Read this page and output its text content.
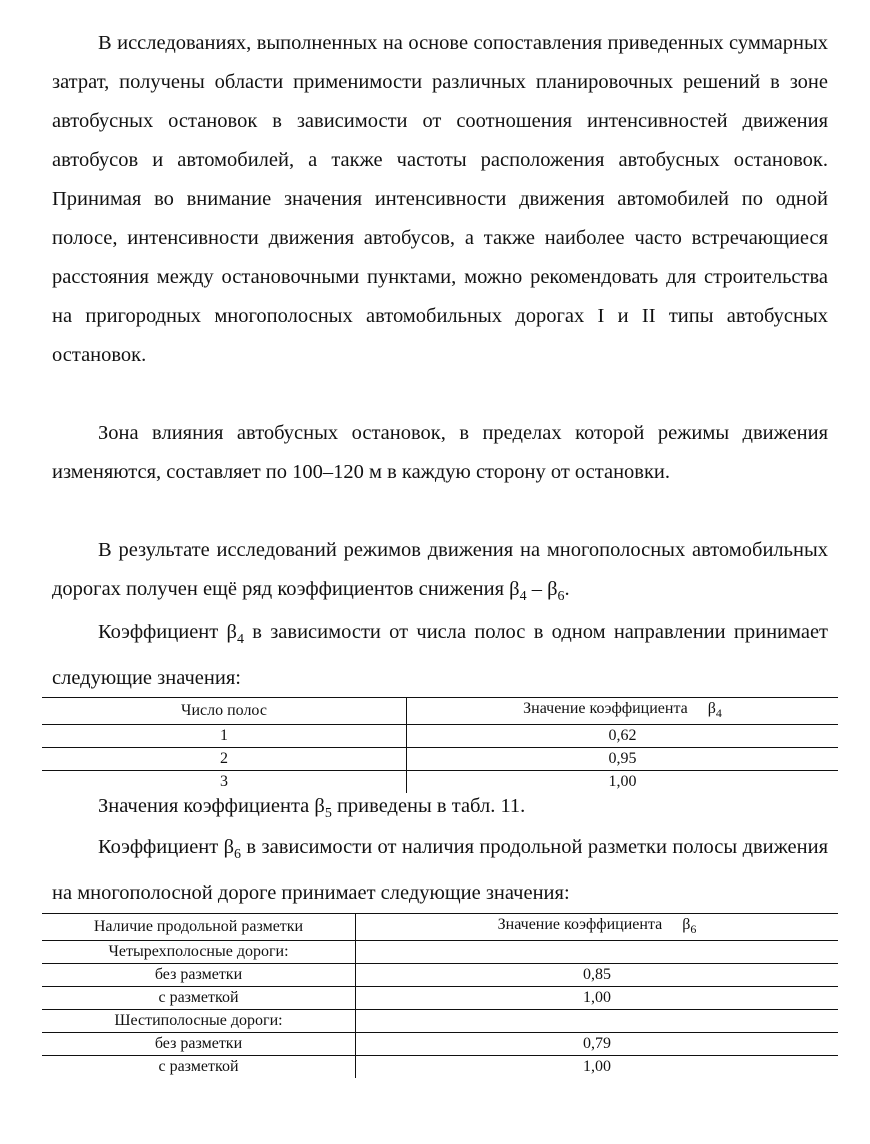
В исследованиях, выполненных на основе сопоставления приведенных суммарных затрат, получены области применимости различных планировочных решений в зоне автобусных остановок в зависимости от соотношения интенсивностей движения автобусов и автомобилей, а также частоты расположения автобусных остановок. Принимая во внимание значения интенсивности движения автомобилей по одной полосе, интенсивности движения автобусов, а также наиболее часто встречающиеся расстояния между остановочными пунктами, можно рекомендовать для строительства на пригородных многополосных автомобильных дорогах I и II типы автобусных остановок.

Зона влияния автобусных остановок, в пределах которой режимы движения изменяются, составляет по 100–120 м в каждую сторону от остановки.

В результате исследований режимов движения на многополосных автомобильных дорогах получен ещё ряд коэффициентов снижения $\beta_4 - \beta_6$.

Коэффициент $\beta_4$ в зависимости от числа полос в одном направлении принимает следующие значения:

Число полос	Значение коэффициента $\beta_4$
1	0,62
2	0,95
3	1,00

Значения коэффициента $\beta_5$ приведены в табл. 11.

Коэффициент $\beta_6$ в зависимости от наличия продольной разметки полосы движения на многополосной дороге принимает следующие значения:

Наличие продольной разметки	Значение коэффициента $\beta_6$
Четырехполосные дороги:	
без разметки	0,85
с разметкой	1,00
Шестиполосные дороги:	
без разметки	0,79
с разметкой	1,00
